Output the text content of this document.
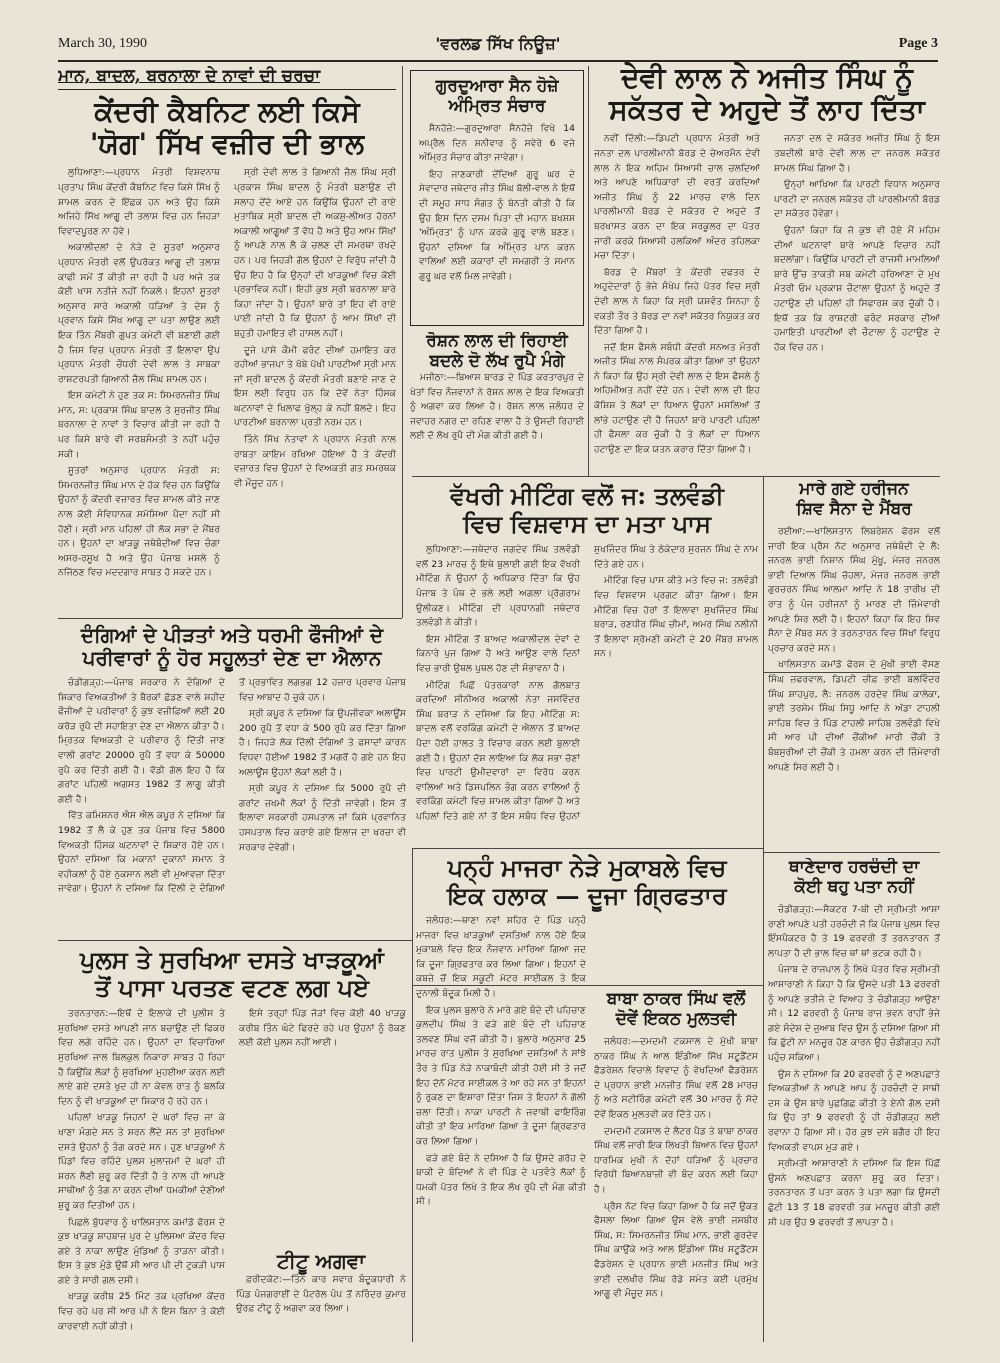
March 30, 1990	'ਵਰਲਡ ਸਿੱਖ ਨਿਊਜ਼'	Page 3
ਮਾਨ, ਬਾਦਲ, ਬਰਨਾਲਾ ਦੇ ਨਾਵਾਂ ਦੀ ਚਰਚਾ
ਕੇਂਦਰੀ ਕੈਬਨਿਟ ਲਈ ਕਿਸੇ
'ਯੋਗ' ਸਿੱਖ ਵਜ਼ੀਰ ਦੀ ਭਾਲ

ਲੁਧਿਆਣਾ:—ਪ੍ਰਧਾਨ ਮੰਤਰੀ ਵਿਸ਼ਵਨਾਥ ਪ੍ਰਤਾਪ ਸਿੰਘ ਕੇਂਦਰੀ ਕੈਬਨਿਟ ਵਿਚ ਕਿਸੇ ਸਿੱਖ ਨੂੰ ਸ਼ਾਮਲ ਕਰਨ ਦੇ ਇੱਛਕ ਹਨ ਅਤੇ ਉਹ ਕਿਸੇ ਅਜਿਹੇ ਸਿੱਖ ਆਗੂ ਦੀ ਤਲਾਸ਼ ਵਿਚ ਹਨ ਜਿਹੜਾ ਵਿਵਾਦਪੂਰਣ ਨਾ ਹੋਵੇ।

ਅਕਾਲੀਦਲਾਂ ਦੇ ਨੇੜੇ ਦੇ ਸੂਤਰਾਂ ਅਨੁਸਾਰ ਪ੍ਰਧਾਨ ਮੰਤਰੀ ਵਲੋਂ ਉਪਰੋਕਤ ਆਗੂ ਦੀ ਤਲਾਸ਼ ਕਾਫੀ ਸਮੇਂ ਤੋਂ ਕੀਤੀ ਜਾ ਰਹੀ ਹੈ ਪਰ ਅਜੇ ਤਕ ਕੋਈ ਖਾਸ ਨਤੀਜੇ ਨਹੀਂ ਨਿਕਲੇ। ਇਹਨਾਂ ਸੂਤਰਾਂ ਅਨੁਸਾਰ ਸਾਰੇ ਅਕਾਲੀ ਧੜਿਆਂ ਤੇ ਦੇਸ਼ ਨੂੰ ਪ੍ਰਵਾਨ ਕਿਸੇ ਸਿੱਖ ਆਗੂ ਦਾ ਪਤਾ ਲਾਉਣ ਲਈ ਇਕ ਤਿੰਨ ਮੈਂਬਰੀ ਗੁਪਤ ਕਮੇਟੀ ਵੀ ਬਣਾਈ ਗਈ ਹੈ ਜਿਸ ਵਿਚ ਪ੍ਰਧਾਨ ਮੰਤਰੀ ਤੋਂ ਇਲਾਵਾ ਉਪ ਪ੍ਰਧਾਨ ਮੰਤਰੀ ਚੌਧਰੀ ਦੇਵੀ ਲਾਲ ਤੇ ਸਾਬਕਾ ਰਾਸ਼ਟਰਪਤੀ ਗਿਆਨੀ ਜ਼ੈਲ ਸਿੰਘ ਸ਼ਾਮਲ ਹਨ।

ਇਸ ਕਮੇਟੀ ਨੇ ਹੁਣ ਤਕ ਸ: ਸਿਮਰਨਜੀਤ ਸਿੰਘ ਮਾਨ, ਸ: ਪ੍ਰਕਾਸ਼ ਸਿੰਘ ਬਾਦਲ ਤੇ ਸੁਰਜੀਤ ਸਿੰਘ ਬਰਨਾਲਾ ਦੇ ਨਾਵਾਂ ਤੇ ਵਿਚਾਰ ਕੀਤੀ ਜਾ ਰਹੀ ਹੈ ਪਰ ਕਿਸੇ ਬਾਰੇ ਵੀ ਸਰਬਸੰਮਤੀ ਤੇ ਨਹੀਂ ਪਹੁੰਚ ਸਕੀ।

ਸੂਤਰਾਂ ਅਨੁਸਾਰ ਪ੍ਰਧਾਨ ਮੰਤਰੀ ਸ: ਸਿਮਰਨਜੀਤ ਸਿੰਘ ਮਾਨ ਦੇ ਹੱਕ ਵਿਚ ਹਨ ਕਿਉਂਕਿ ਉਹਨਾਂ ਨੂੰ ਕੇਂਦਰੀ ਵਜ਼ਾਰਤ ਵਿਚ ਸ਼ਾਮਲ ਕੀਤੇ ਜਾਣ ਨਾਲ ਕੋਈ ਸੰਵਿਧਾਨਕ ਸਮੱਸਿਆ ਪੈਦਾ ਨਹੀਂ ਸੀ ਹੋਣੀ। ਸ੍ਰੀ ਮਾਨ ਪਹਿਲਾਂ ਹੀ ਲੋਕ ਸਭਾ ਦੇ ਮੈਂਬਰ ਹਨ। ਉਹਨਾਂ ਦਾ ਖਾੜਕੂ ਜਥੇਬੰਦੀਆਂ ਵਿਚ ਚੰਗਾ ਅਸਰ-ਰਸੂਖ ਹੈ ਅਤੇ ਉਹ ਪੰਜਾਬ ਮਸਲੇ ਨੂੰ ਨਜਿੱਠਣ ਵਿਚ ਮਦਦਗਾਰ ਸਾਬਤ ਹੋ ਸਕਦੇ ਹਨ।

ਸ੍ਰੀ ਦੇਵੀ ਲਾਲ ਤੇ ਗਿਆਨੀ ਜ਼ੈਲ ਸਿੰਘ ਸ੍ਰੀ ਪ੍ਰਕਾਸ਼ ਸਿੰਘ ਬਾਦਲ ਨੂੰ ਮੰਤਰੀ ਬਣਾਉਣ ਦੀ ਸਲਾਹ ਦੇਂਦੇ ਆਏ ਹਨ ਕਿਉਂਕਿ ਉਹਨਾਂ ਦੀ ਰਾਏ ਮੁਤਾਬਿਕ ਸ੍ਰੀ ਬਾਦਲ ਦੀ ਅਕਸ਼ੁ-ਲੀਅਤ ਹੋਰਨਾਂ ਅਕਾਲੀ ਆਗੂਆਂ ਤੋਂ ਵੱਧ ਹੈ ਅਤੇ ਉਹ ਆਮ ਸਿੱਖਾਂ ਨੂੰ ਆਪਣੇ ਨਾਲ ਲੈ ਕੇ ਚਲਣ ਦੀ ਸਮਰਥਾ ਰਖਦੇ ਹਨ। ਪਰ ਜਿਹੜੀ ਗੱਲ ਉਹਨਾਂ ਦੇ ਵਿਰੁੱਧ ਜਾਂਦੀ ਹੈ ਉਹ ਇਹ ਹੈ ਕਿ ਉਨ੍ਹਾਂ ਦੀ ਖਾੜਕੂਆਂ ਵਿਚ ਕੋਈ ਪ੍ਰਭਾਵਿਕ ਨਹੀਂ। ਇਹੀ ਕੁਝ ਸ੍ਰੀ ਬਰਨਾਲਾ ਬਾਰੇ ਕਿਹਾ ਜਾਂਦਾ ਹੈ। ਉਹਨਾਂ ਬਾਰੇ ਤਾਂ ਇਹ ਵੀ ਰਾਏ ਪਾਈ ਜਾਂਦੀ ਹੈ ਕਿ ਉਹਨਾਂ ਨੂੰ ਆਮ ਸਿੱਖਾਂ ਦੀ ਬਹੁਤੀ ਹਮਾਇਤ ਵੀ ਹਾਸਲ ਨਹੀਂ।

ਦੂਜੇ ਪਾਸੇ ਕੌਮੀ ਫਰੰਟ ਦੀਆਂ ਹਮਾਇਤ ਕਰ ਰਹੀਆਂ ਭਾਜਪਾ ਤੇ ਖੱਬੇ ਪੱਖੀ ਪਾਰਟੀਆਂ ਸ੍ਰੀ ਮਾਨ ਜਾਂ ਸ੍ਰੀ ਬਾਦਲ ਨੂੰ ਕੇਂਦਰੀ ਮੰਤਰੀ ਬਣਾਏ ਜਾਣ ਦੇ ਇਸ ਲਈ ਵਿਰੁਧ ਹਨ ਕਿ ਦੋਵੇਂ ਨੇਤਾ ਹਿੰਸਕ ਘਟਨਾਵਾਂ ਦੇ ਖਿਲਾਫ ਖੁੱਲ੍ਹ ਕੇ ਨਹੀਂ ਬੋਲਦੇ। ਇਹ ਪਾਰਟੀਆਂ ਬਰਨਾਲਾ ਪ੍ਰਤੀ ਨਰਮ ਹਨ।

ਤਿੰਨੇ ਸਿੱਖ ਨੇਤਾਵਾਂ ਨੇ ਪ੍ਰਧਾਨ ਮੰਤਰੀ ਨਾਲ ਰਾਬਤਾ ਕਾਇਮ ਰਖਿਆ ਹੋਇਆ ਹੈ ਤੇ ਕੇਂਦਰੀ ਵਜ਼ਾਰਤ ਵਿਚ ਉਹਨਾਂ ਦੇ ਵਿਅਕਤੀ ਗਤ ਸਮਰਥਕ ਵੀ ਮੌਜੂਦ ਹਨ।

ਦੰਗਿਆਂ ਦੇ ਪੀੜਤਾਂ ਅਤੇ ਧਰਮੀ ਫੌਜੀਆਂ ਦੇ
ਪਰੀਵਾਰਾਂ ਨੂੰ ਹੋਰ ਸਹੂਲਤਾਂ ਦੇਣ ਦਾ ਐਲਾਨ

ਚੰਡੀਗੜ੍ਹ:—ਪੰਜਾਬ ਸਰਕਾਰ ਨੇ ਦੰਗਿਆਂ ਦੇ ਸ਼ਿਕਾਰ ਵਿਅਕਤੀਆਂ ਤੇ ਬੈਰਕਾਂ ਛੱਡਣ ਵਾਲੇ ਸ਼ਹੀਦ ਫੌਜੀਆਂ ਦੇ ਪਰੀਵਾਰਾਂ ਨੂੰ ਕੁਝ ਵਜ਼ੀਫ਼ਿਆਂ ਲਈ 20 ਕਰੋੜ ਰੁਪੈ ਦੀ ਸਹਾਇਤਾ ਦੇਣ ਦਾ ਐਲਾਨ ਕੀਤਾ ਹੈ। ਮ੍ਰਿਤਕ ਵਿਅਕਤੀ ਦੇ ਪਰੀਵਾਰ ਨੂੰ ਦਿੱਤੀ ਜਾਣ ਵਾਲੀ ਗਰਾਂਟ 20000 ਰੁਪੈ ਤੋਂ ਵਧਾ ਕੇ 50000 ਰੁਪੈ ਕਰ ਦਿੱਤੀ ਗਈ ਹੈ। ਵੱਡੀ ਗੱਲ ਇਹ ਹੈ ਕਿ ਗਰਾਂਟ ਪਹਿਲੀ ਅਗਸਤ 1982 ਤੋਂ ਲਾਗੂ ਕੀਤੀ ਗਈ ਹੈ।

ਵਿੱਤ ਕਮਿਸ਼ਨਰ ਐਸ ਐਲ ਕਪੂਰ ਨੇ ਦਸਿਆ ਕਿ 1982 ਤੋਂ ਲੈ ਕੇ ਹੁਣ ਤਕ ਪੰਜਾਬ ਵਿਚ 5800 ਵਿਅਕਤੀ ਹਿੰਸਕ ਘਟਨਾਵਾਂ ਦੇ ਸ਼ਿਕਾਰ ਹੋਏ ਹਨ। ਉਹਨਾਂ ਦਸਿਆ ਕਿ ਮਕਾਨਾਂ ਦੁਕਾਨਾਂ ਸਮਾਨ ਤੇ ਵਹੀਕਲਾਂ ਨੂੰ ਹੋਏ ਨੁਕਸਾਨ ਲਈ ਵੀ ਮੁਆਵਜ਼ਾ ਦਿੱਤਾ ਜਾਵੇਗਾ। ਉਹਨਾਂ ਨੇ ਦਸਿਆ ਕਿ ਦਿੱਲੀ ਦੇ ਦੰਗਿਆਂ ਤੋਂ ਪ੍ਰਭਾਵਿਤ ਲਗਭਗ 12 ਹਜ਼ਾਰ ਪ੍ਰਵਾਰ ਪੰਜਾਬ ਵਿਚ ਆਬਾਦ ਹੋ ਚੁਕੇ ਹਨ।

ਸ੍ਰੀ ਕਪੂਰ ਨੇ ਦਸਿਆ ਕਿ ਉਪਜੀਵਕਾ ਅਲਾਊਂਸ 200 ਰੁਪੈ ਤੋਂ ਵਧਾ ਕੇ 500 ਰੁਪੈ ਕਰ ਦਿੱਤਾ ਗਿਆ ਹੈ। ਜਿਹੜੇ ਲੋਕ ਦਿੱਲੀ ਦੰਗਿਆਂ ਤੇ ਫ਼ਸਾਦਾਂ ਕਾਰਨ ਵਿਧਵਾ ਹੋਈਆਂ 1982 ਤੋਂ ਮਗਰੋਂ ਹੋ ਗਏ ਹਨ ਇਹ ਅਲਾਊਂਸ ਉਹਨਾਂ ਲੋਕਾਂ ਲਈ ਹੈ।

ਸ੍ਰੀ ਕਪੂਰ ਨੇ ਦਸਿਆ ਕਿ 5000 ਰੁਪੈ ਦੀ ਗਰਾਂਟ ਜ਼ਖਮੀ ਲੋਕਾਂ ਨੂੰ ਦਿੱਤੀ ਜਾਵੇਗੀ। ਇਸ ਤੋਂ ਇਲਾਵਾ ਸਰਕਾਰੀ ਹਸਪਤਾਲ ਜਾਂ ਕਿਸੇ ਪ੍ਰਵਾਨਿਤ ਹਸਪਤਾਲ ਵਿਚ ਕਰਾਏ ਗਏ ਇਲਾਜ ਦਾ ਖਰਚਾ ਵੀ ਸਰਕਾਰ ਦੇਵੇਗੀ।

ਪੁਲਸ ਤੇ ਸੁਰਖਿਆ ਦਸਤੇ ਖਾੜਕੂਆਂ
ਤੋਂ ਪਾਸਾ ਪਰਤਣ ਵਟਣ ਲਗ ਪਏ

ਤਰਨਤਾਰਨ:—ਇਥੋਂ ਦੇ ਇਲਾਕੇ ਦੀ ਪੁਲੀਸ ਤੇ ਸੁਰਖਿਆ ਦਸਤੇ ਆਪਣੀ ਜਾਨ ਬਚਾਉਣ ਦੀ ਫਿਕਰ ਵਿਚ ਲਗੇ ਰਹਿੰਦੇ ਹਨ। ਉਹਨਾਂ ਦਾ ਵਿਚਾਰਿਆ ਸੁਰਖਿਆ ਜਾਲ ਬਿਲਕੁਲ ਨਿਕਾਰਾ ਸਾਬਤ ਹੋ ਰਿਹਾ ਹੈ ਕਿਉਂਕਿ ਲੋਕਾਂ ਨੂੰ ਸੁਰਖਿਆ ਮੁਹਈਆ ਕਰਨ ਲਈ ਲਾਏ ਗਏ ਦਸਤੇ ਖੁਦ ਹੀ ਨਾ ਕੇਵਲ ਰਾਤ ਨੂੰ ਬਲਕਿ ਦਿਨ ਨੂੰ ਵੀ ਖਾੜਕੂਆਂ ਦਾ ਸ਼ਿਕਾਰ ਹੋ ਰਹੇ ਹਨ।

ਪਹਿਲਾਂ ਖਾੜਕੂ ਜਿਹਨਾਂ ਦੇ ਘਰਾਂ ਵਿਚ ਜਾ ਕੇ ਖਾਣਾ ਮੰਗਦੇ ਸਨ ਤੇ ਸ਼ਰਨ ਲੈਂਦੇ ਸਨ ਤਾਂ ਸੁਰਖਿਆ ਦਸਤੇ ਉਹਨਾਂ ਨੂੰ ਤੰਗ ਕਰਦੇ ਸਨ। ਹੁਣ ਖਾੜਕੂਆਂ ਨੇ ਪਿੰਡਾਂ ਵਿਚ ਰਹਿੰਦੇ ਪੁਲਸ ਮੁਲਾਜ਼ਮਾਂ ਦੇ ਘਰਾਂ ਹੀ ਸ਼ਰਨ ਲੈਣੀ ਸ਼ੁਰੂ ਕਰ ਦਿੱਤੀ ਹੈ ਤੇ ਨਾਲ ਹੀ ਆਪਣੇ ਸਾਥੀਆਂ ਨੂੰ ਤੰਗ ਨਾ ਕਰਨ ਦੀਆਂ ਧਮਕੀਆਂ ਦੇਣੀਆਂ ਸ਼ੁਰੂ ਕਰ ਦਿਤੀਆਂ ਹਨ।

ਪਿਛਲੇ ਬੁੱਧਵਾਰ ਨੂੰ ਖਾਲਿਸਤਾਨ ਕਮਾਂਡੋ ਫੋਰਸ ਦੇ ਕੁਝ ਖਾੜਕੂ ਸ਼ਾਹਬਾਜ਼ ਪੁਰ ਦੇ ਪੁਲਿਸਆ ਕੇਂਦਰ ਵਿਚ ਗਏ ਤੇ ਨਾਕਾ ਲਾਉਣ ਮੁੰਡਿਆਂ ਨੂੰ ਤਾੜਨਾ ਕੀਤੀ। ਇਸ ਤੇ ਕੁਝ ਮੁੰਡੇ ਉਥੋਂ ਸੀ ਆਰ ਪੀ ਦੀ ਟੁਕੜੀ ਪਾਸ ਗਏ ਤੇ ਸਾਰੀ ਗਲ ਦਸੀ।

ਖਾੜਕੂ ਕਰੀਬ 25 ਮਿੰਟ ਤਕ ਪ੍ਰਖਿਆ ਕੇਂਦਰ ਵਿਚ ਰਹੇ ਪਰ ਸੀ ਆਰ ਪੀ ਨੇ ਇਸ ਬਿਨਾ ਤੇ ਕੋਈ ਕਾਰਵਾਈ ਨਹੀਂ ਕੀਤੀ।

ਇਸੇ ਤਰ੍ਹਾਂ ਪਿੰਡ ਜੋੜਾਂ ਵਿਚ ਕੋਈ 40 ਖਾੜਕੂ ਕਰੀਬ ਤਿੰਨ ਘੰਟੇ ਫਿਰਦੇ ਰਹੇ ਪਰ ਉਹਨਾਂ ਨੂੰ ਰੋਕਣ ਲਈ ਕੋਈ ਪੁਲਸ ਨਹੀਂ ਆਈ।

ਟੀਟੂ ਅਗਵਾ

ਫ਼ਰੀਦਕੋਟ:—ਤਿੰਨ ਕਾਰ ਸਵਾਰ ਬੰਦੂਕਧਾਰੀ ਨੇ ਪਿੰਡ ਪੰਜਗਰਾਈਂ ਦੇ ਪੈਟਰੋਲ ਪੰਪ ਤੋਂ ਨਰਿੰਦਰ ਕੁਮਾਰ ਉਰਫ਼ ਟੀਟੂ ਨੂੰ ਅਗਵਾ ਕਰ ਲਿਆ।

ਗੁਰਦੁਆਰਾ ਸੈਨ ਹੋਜ਼ੇ
ਅੰਮ੍ਰਿਤ ਸੰਚਾਰ

ਸੈਨਹੋਜ਼ੇ:—ਗੁਰਦੁਆਰਾ ਸੈਨਹੋਜ਼ੇ ਵਿਖੇ 14 ਅਪ੍ਰੈਲ ਦਿਨ ਸ਼ਨੀਵਾਰ ਨੂੰ ਸਵੇਰੇ 6 ਵਜੇ ਅੰਮ੍ਰਿਤ ਸੰਚਾਰ ਕੀਤਾ ਜਾਵੇਗਾ।

ਇਹ ਜਾਣਕਾਰੀ ਦੇਂਦਿਆਂ ਗੁਰੂ ਘਰ ਦੇ ਸੇਵਾਦਾਰ ਜਥੇਦਾਰ ਜੀਤ ਸਿੰਘ ਬੋਲੀ-ਵਾਲ ਨੇ ਇਥੋਂ ਦੀ ਸਮੂਹ ਸਾਧ ਸੰਗਤ ਨੂੰ ਬੇਨਤੀ ਕੀਤੀ ਹੈ ਕਿ ਉਹ ਇਸ ਦਿਨ ਦਸਮ ਪਿਤਾ ਦੀ ਮਹਾਨ ਬਖਸ਼ਸ਼ 'ਅੰਮ੍ਰਿਤ' ਨੂੰ ਪਾਨ ਕਰਕੇ ਗੁਰੂ ਵਾਲੇ ਬਣਣ। ਉਹਨਾਂ ਦਸਿਆ ਕਿ ਅੰਮ੍ਰਿਤ ਪਾਨ ਕਰਨ ਵਾਲਿਆਂ ਲਈ ਕਕਾਰਾਂ ਦੀ ਸਮਗਰੀ ਤੇ ਸਮਾਨ ਗੁਰੂ ਘਰ ਵਲੋਂ ਮਿਲ ਜਾਵੇਗੀ।

ਰੋਸ਼ਨ ਲਾਲ ਦੀ ਰਿਹਾਈ
ਬਦਲੇ ਦੋ ਲੱਖ ਰੁਪੈ ਮੰਗੇ

ਮਜੀਠਾ:—ਬਿਆਸ ਬਾਰਡ ਦੇ ਪਿੰਡ ਕਰਤਾਰਪੁਰ ਦੇ ਖੇਤਾਂ ਵਿਚ ਨੌਜਵਾਨਾਂ ਨੇ ਰੋਸ਼ਨ ਲਾਲ ਦੇ ਇਕ ਵਿਅਕਤੀ ਨੂੰ ਅਗਵਾ ਕਰ ਲਿਆ ਹੈ। ਰੋਸ਼ਨ ਲਾਲ ਜਲੰਧਰ ਦੇ ਜਵਾਹਰ ਨਗਰ ਦਾ ਰਹਿਣ ਵਾਲਾ ਹੈ ਤੇ ਉਸਦੀ ਰਿਹਾਈ ਲਈ ਦੋ ਲੱਖ ਰੁਪੈ ਦੀ ਮੰਗ ਕੀਤੀ ਗਈ ਹੈ।

ਦੇਵੀ ਲਾਲ ਨੇ ਅਜੀਤ ਸਿੰਘ ਨੂੰ
ਸਕੱਤਰ ਦੇ ਅਹੁਦੇ ਤੋਂ ਲਾਹ ਦਿੱਤਾ

ਨਵੀਂ ਦਿੱਲੀ:—ਡਿਪਟੀ ਪ੍ਰਧਾਨ ਮੰਤਰੀ ਅਤੇ ਜਨਤਾ ਦਲ ਪਾਰਲੀਮਾਨੀ ਬੋਰਡ ਦੇ ਚੇਅਰਮੈਨ ਦੇਵੀ ਲਾਲ ਨੇ ਇਕ ਅਹਿਮ ਸਿਆਸੀ ਚਾਲ ਚਲਦਿਆਂ ਅਤੇ ਆਪਣੇ ਅਧਿਕਾਰਾਂ ਦੀ ਵਰਤੋਂ ਕਰਦਿਆਂ ਅਜੀਤ ਸਿੰਘ ਨੂੰ 22 ਮਾਰਚ ਵਾਲੇ ਦਿਨ ਪਾਰਲੀਮਾਨੀ ਬੋਰਡ ਦੇ ਸਕੱਤਰ ਦੇ ਅਹੁਦੇ ਤੋਂ ਬਰਖਾਸਤ ਕਰਨ ਦਾ ਇਕ ਸਰਕੂਲਰ ਦਾ ਪੱਤਰ ਜਾਰੀ ਕਰਕੇ ਸਿਆਸੀ ਹਲਕਿਆਂ ਅੰਦਰ ਤਹਿਲਕਾ ਮਚਾ ਦਿੱਤਾ।

ਬੋਰਡ ਦੇ ਮੈਂਬਰਾਂ ਤੇ ਕੇਂਦਰੀ ਦਫਤਰ ਦੇ ਅਹੁਦੇਦਾਰਾਂ ਨੂੰ ਭੇਜੇ ਸੰਖੇਪ ਜਿਹੇ ਪੱਤਰ ਵਿਚ ਸ੍ਰੀ ਦੇਵੀ ਲਾਲ ਨੇ ਕਿਹਾ ਕਿ ਸ੍ਰੀ ਯਸ਼ਵੰਤ ਸਿਨਹਾ ਨੂੰ ਵਕਤੀ ਤੌਰ ਤੇ ਬੋਰਡ ਦਾ ਨਵਾਂ ਸਕੱਤਰ ਨਿਯੁਕਤ ਕਰ ਦਿੱਤਾ ਗਿਆ ਹੈ।

ਜਦੋਂ ਇਸ ਫੈਸਲੇ ਸਬੰਧੀ ਕੇਂਦਰੀ ਸਨਅਤ ਮੰਤਰੀ ਅਜੀਤ ਸਿੰਘ ਨਾਲ ਸੰਪਰਕ ਕੀਤਾ ਗਿਆ ਤਾਂ ਉਹਨਾਂ ਨੇ ਕਿਹਾ ਕਿ ਉਹ ਸ੍ਰੀ ਦੇਵੀ ਲਾਲ ਦੇ ਇਸ ਫੈਸਲੇ ਨੂੰ ਅਹਿਮੀਅਤ ਨਹੀਂ ਦੇਂਦੇ ਹਨ। ਦੇਵੀ ਲਾਲ ਦੀ ਇਹ ਕੋਸ਼ਿਸ਼ ਤੇ ਲੋਕਾਂ ਦਾ ਧਿਆਨ ਉਹਨਾਂ ਮਸਲਿਆਂ ਤੋਂ ਲਾਂਭੇ ਹਟਾਉਣ ਦੀ ਹੈ ਜਿਹਨਾਂ ਬਾਰੇ ਪਾਰਟੀ ਪਹਿਲਾਂ ਹੀ ਫੈਸਲਾ ਕਰ ਚੁੱਕੀ ਹੈ ਤੇ ਲੋਕਾਂ ਦਾ ਧਿਆਨ ਹਟਾਉਣ ਦਾ ਇਕ ਯਤਨ ਕਰਾਰ ਦਿੱਤਾ ਗਿਆ ਹੈ।

ਜਨਤਾ ਦਲ ਦੇ ਸਕੱਤਰ ਅਜੀਤ ਸਿੰਘ ਨੂੰ ਇਸ ਤਬਦੀਲੀ ਬਾਰੇ ਦੇਵੀ ਲਾਲ ਦਾ ਜਨਰਲ ਸਕੱਤਰ ਸ਼ਾਮਲ ਸਿੰਘ ਗਿਆ ਹੈ।

ਉਨ੍ਹਾਂ ਆਖਿਆ ਕਿ ਪਾਰਟੀ ਵਿਧਾਨ ਅਨੁਸਾਰ ਪਾਰਟੀ ਦਾ ਜਨਰਲ ਸਕੱਤਰ ਹੀ ਪਾਰਲੀਮਾਨੀ ਬੋਰਡ ਦਾ ਸਕੱਤਰ ਹੋਵੇਗਾ।

ਉਹਨਾਂ ਕਿਹਾ ਕਿ ਜੋ ਕੁਝ ਵੀ ਹੋਏ ਮੈਂ ਮਹਿਮ ਦੀਆਂ ਘਟਨਾਵਾਂ ਬਾਰੇ ਆਪਣੇ ਵਿਚਾਰ ਨਹੀਂ ਬਦਲਾਂਗਾ। ਕਿਉਂਕਿ ਪਾਰਟੀ ਦੀ ਰਾਜਸੀ ਮਾਮਲਿਆਂ ਬਾਰੇ ਉੱਚ ਤਾਕਤੀ ਸਬ ਕਮੇਟੀ ਹਰਿਆਣਾ ਦੇ ਮੁਖ ਮੰਤਰੀ ਓਮ ਪ੍ਰਕਾਸ਼ ਚੌਟਾਲਾ ਉਹਨਾਂ ਨੂੰ ਅਹੁਦੇ ਤੋਂ ਹਟਾਉਣ ਦੀ ਪਹਿਲਾਂ ਹੀ ਸਿਫਾਰਸ਼ ਕਰ ਚੁੱਕੀ ਹੈ। ਇਥੋਂ ਤਕ ਕਿ ਰਾਸ਼ਟਰੀ ਫਰੰਟ ਸਰਕਾਰ ਦੀਆਂ ਹਮਾਇਤੀ ਪਾਰਟੀਆਂ ਵੀ ਚੌਟਾਲਾ ਨੂੰ ਹਟਾਉਣ ਦੇ ਹੱਕ ਵਿਚ ਹਨ।

ਵੱਖਰੀ ਮੀਟਿੰਗ ਵਲੋਂ ਜ: ਤਲਵੰਡੀ
ਵਿਚ ਵਿਸ਼ਵਾਸ ਦਾ ਮਤਾ ਪਾਸ

ਲੁਧਿਆਣਾ:—ਜਥੇਦਾਰ ਜਗਦੇਵ ਸਿੰਘ ਤਲਵੰਡੀ ਵਲੋਂ 23 ਮਾਰਚ ਨੂੰ ਇਥੇ ਬੁਲਾਈ ਗਈ ਇਕ ਵੱਖਰੀ ਮੀਟਿੰਗ ਨੇ ਉਹਨਾਂ ਨੂੰ ਅਧਿਕਾਰ ਦਿੱਤਾ ਕਿ ਉਹ ਪੰਜਾਬ ਤੇ ਪੰਥ ਦੇ ਭਲੇ ਲਈ ਅਗਲਾ ਪ੍ਰੋਗਰਾਮ ਉਲੀਕਣ। ਮੀਟਿੰਗ ਦੀ ਪ੍ਰਧਾਨਗੀ ਜਥੇਦਾਰ ਤਲਵੰਡੀ ਨੇ ਕੀਤੀ।

ਇਸ ਮੀਟਿੰਗ ਤੋਂ ਬਾਅਦ ਅਕਾਲੀਦਲ ਦੇਵਾਂ ਦੇ ਕਿਨਾਰੇ ਪੁਜ ਗਿਆ ਹੈ ਅਤੇ ਆਉਣ ਵਾਲੇ ਦਿਨਾਂ ਵਿਚ ਭਾਰੀ ਉਥਲ ਪੁਥਲ ਹੋਣ ਦੀ ਸੰਭਾਵਨਾ ਹੈ।

ਮੀਟਿੰਗ ਪਿਛੋਂ ਪੱਤਰਕਾਰਾਂ ਨਾਲ ਗੱਲਬਾਤ ਕਰਦਿਆਂ ਸੀਨੀਅਰ ਅਕਾਲੀ ਨੇਤਾ ਜਸਵਿੰਦਰ ਸਿੰਘ ਬਰਾੜ ਨੇ ਦਸਿਆ ਕਿ ਇਹ ਮੀਟਿੰਗ ਸ: ਬਾਦਲ ਵਲੋਂ ਵਰਕਿੰਗ ਕਮੇਟੀ ਦੇ ਐਲਾਨ ਤੋਂ ਬਾਅਦ ਪੈਦਾ ਹੋਈ ਹਾਲਤ ਤੇ ਵਿਚਾਰ ਕਰਨ ਲਈ ਬੁਲਾਈ ਗਈ ਹੈ। ਉਹਨਾਂ ਦੋਸ਼ ਲਾਇਆ ਕਿ ਲੋਕ ਸਭਾ ਚੋਣਾਂ ਵਿਚ ਪਾਰਟੀ ਉਮੀਦਵਾਰਾਂ ਦਾ ਵਿਰੋਧ ਕਰਨ ਵਾਲਿਆਂ ਅਤੇ ਡਿਸਪਲਿਨ ਭੰਗ ਕਰਨ ਵਾਲਿਆਂ ਨੂੰ ਵਰਕਿੰਗ ਕਮੇਟੀ ਵਿਚ ਸ਼ਾਮਲ ਕੀਤਾ ਗਿਆ ਹੈ ਅਤੇ ਪਹਿਲਾਂ ਦਿਤੇ ਗਏ ਨਾਂ ਤੋਂ ਇਸ ਸਬੰਧ ਵਿਚ ਉਹਨਾਂ ਸੁਖਜਿੰਦਰ ਸਿੰਘ ਤੇ ਠੇਕੇਦਾਰ ਸੁਰਜਨ ਸਿੰਘ ਦੇ ਨਾਮ ਦਿੱਤੇ ਗਏ ਹਨ।

ਮੀਟਿੰਗ ਵਿਚ ਪਾਸ ਕੀਤੇ ਮਤੇ ਵਿਚ ਜ: ਤਲਵੰਡੀ ਵਿਚ ਵਿਸ਼ਵਾਸ ਪ੍ਰਗਟ ਕੀਤਾ ਗਿਆ। ਇਸ ਮੀਟਿੰਗ ਵਿਚ ਹੋਰਾਂ ਤੋਂ ਇਲਾਵਾ ਸੁਖਜਿੰਦਰ ਸਿੰਘ ਬਰਾੜ, ਰਣਧੀਰ ਸਿੰਘ ਚੀਮਾਂ, ਅਮਰ ਸਿੰਘ ਨਲੀਨੀ ਤੋਂ ਇਲਾਵਾ ਸ਼੍ਰੋਮਣੀ ਕਮੇਟੀ ਦੇ 20 ਮੈਂਬਰ ਸ਼ਾਮਲ ਸਨ।

ਪਨ੍ਹੰ ਮਾਜਰਾ ਨੇੜੇ ਮੁਕਾਬਲੇ ਵਿਚ
ਇਕ ਹਲਾਕ — ਦੂਜਾ ਗ੍ਰਿਫਤਾਰ

ਜਲੰਧਰ:—ਥਾਣਾ ਨਵਾਂ ਸ਼ਹਿਰ ਦੇ ਪਿੰਡ ਪਨ੍ਹੰ ਮਾਜਰਾ ਵਿਚ ਖਾੜਕੂਆਂ ਦਸਤਿਆਂ ਨਾਲ ਹੋਏ ਇਕ ਮੁਕਾਬਲੇ ਵਿਚ ਇਕ ਨੌਜਵਾਨ ਮਾਰਿਆ ਗਿਆ ਜਦ ਕਿ ਦੂਜਾ ਗ੍ਰਿਫਤਾਰ ਕਰ ਲਿਆ ਗਿਆ। ਇਹਨਾਂ ਦੇ ਕਬਜ਼ੇ ਚੋਂ ਇਕ ਸਕੂਟੀ ਮੋਟਰ ਸਾਈਕਲ ਤੇ ਇਕ ਦੁਨਾਲੀ ਬੰਦੂਕ ਮਿਲੀ ਹੈ।

ਇਕ ਪੁਲਸ ਬੁਲਾਰੇ ਨੇ ਮਾਰੇ ਗਏ ਬੰਦੇ ਦੀ ਪਹਿਚਾਣ ਕੁਲਦੀਪ ਸਿੰਘ ਤੇ ਫੜੇ ਗਏ ਬੰਦੇ ਦੀ ਪਹਿਚਾਣ ਤਲਵਣ ਸਿੰਘ ਵਜੋਂ ਕੀਤੀ ਹੈ। ਬੁਲਾਰੇ ਅਨੁਸਾਰ 25 ਮਾਰਚ ਰਾਤ ਪੁਲੀਸ ਤੇ ਸੁਰਖਿਆ ਦਸਤਿਆਂ ਨੇ ਸਾਂਝੇ ਤੌਰ ਤੇ ਪਿੰਡ ਨੇੜੇ ਨਾਕਾਬੰਦੀ ਕੀਤੀ ਹੋਈ ਸੀ ਤੇ ਜਦੋਂ ਇਹ ਦੋਨੋਂ ਮੋਟਰ ਸਾਈਕਲ ਤੇ ਆ ਰਹੇ ਸਨ ਤਾਂ ਇਹਨਾਂ ਨੂੰ ਰੁਕਣ ਦਾ ਇਸ਼ਾਰਾ ਦਿੱਤਾ ਜਿਸ ਤੇ ਇਹਨਾਂ ਨੇ ਗੋਲੀ ਚਲਾ ਦਿੱਤੀ। ਨਾਕਾ ਪਾਰਟੀ ਨੇ ਜਵਾਬੀ ਫਾਇਰਿੰਗ ਕੀਤੀ ਤਾਂ ਇਕ ਮਾਰਿਆ ਗਿਆ ਤੇ ਦੂਜਾ ਗ੍ਰਿਫਤਾਰ ਕਰ ਲਿਆ ਗਿਆ।

ਫੜੇ ਗਏ ਬੰਦੇ ਨੇ ਦਸਿਆ ਹੈ ਕਿ ਉਸਦੇ ਗਰੋਹ ਦੇ ਬਾਕੀ ਦੇ ਬੰਦਿਆਂ ਨੇ ਵੀ ਪਿੰਡ ਦੇ ਪਤਵੰਤੇ ਲੋਕਾਂ ਨੂੰ ਧਮਕੀ ਪੱਤਰ ਲਿਖੇ ਤੇ ਇਕ ਲੱਖ ਰੁਪੈ ਦੀ ਮੰਗ ਕੀਤੀ ਸੀ।

ਬਾਬਾ ਠਾਕਰ ਸਿੰਘ ਵਲੋਂ
ਦੋਵੇਂ ਇਕਠ ਮੁਲਤਵੀ

ਜਲੰਧਰ:—ਦਮਦਮੀ ਟਕਸਾਲ ਦੇ ਮੁੱਖੀ ਬਾਬਾ ਠਾਕਰ ਸਿੰਘ ਨੇ ਆਲ ਇੰਡੀਆ ਸਿੱਖ ਸਟੂਡੈਂਟਸ ਫੈਡਰੇਸ਼ਨ ਵਿਚਾਲੇ ਵਿਵਾਦ ਨੂੰ ਵੇਖਦਿਆਂ ਫੈਡਰੇਸ਼ਨ ਦੇ ਪ੍ਰਧਾਨ ਭਾਈ ਮਨਜੀਤ ਸਿੰਘ ਵਲੋਂ 28 ਮਾਰਚ ਨੂੰ ਅਤੇ ਸਟੀਰਿੰਗ ਕਮੇਟੀ ਵਲੋਂ 30 ਮਾਰਚ ਨੂੰ ਸੱਦੇ ਦੋਵੇਂ ਇਕਠ ਮੁਲਤਵੀ ਕਰ ਦਿੱਤੇ ਹਨ।

ਦਮਦਮੀ ਟਕਸਾਲ ਦੇ ਲੈਟਰ ਪੈਡ ਤੇ ਬਾਬਾ ਠਾਕਰ ਸਿੰਘ ਵਲੋਂ ਜਾਰੀ ਇਕ ਲਿਖਤੀ ਬਿਆਨ ਵਿਚ ਉਹਨਾਂ ਧਾਰਮਿਕ ਮੁਖੀ ਨੇ ਦੋਹਾਂ ਧੜਿਆਂ ਨੂੰ ਪ੍ਰਚਾਰ ਵਿਰੋਧੀ ਬਿਆਨਬਾਜ਼ੀ ਵੀ ਬੰਦ ਕਰਨ ਲਈ ਕਿਹਾ ਹੈ।

ਪ੍ਰੈਸ ਨੋਟ ਵਿਚ ਕਿਹਾ ਗਿਆ ਹੈ ਕਿ ਜਦੋਂ ਉਕਤ ਫੈਸਲਾ ਲਿਆ ਗਿਆ ਉਸ ਵੇਲੇ ਭਾਈ ਜਸਬੀਰ ਸਿੰਘ, ਸ: ਸਿਮਰਨਜੀਤ ਸਿੰਘ ਮਾਨ, ਭਾਈ ਗੁਰਦੇਵ ਸਿੰਘ ਕਾਉਂਕੇ ਅਤੇ ਆਲ ਇੰਡੀਆ ਸਿੱਖ ਸਟੂਡੈਂਟਸ ਫੈਡਰੇਸ਼ਨ ਦੇ ਪ੍ਰਧਾਨ ਭਾਈ ਮਨਜੀਤ ਸਿੰਘ ਅਤੇ ਭਾਈ ਦਲਖੀਰ ਸਿੰਘ ਰੋਡੇ ਸਮੇਤ ਕਈ ਪ੍ਰਮੁੱਖ ਆਗੂ ਵੀ ਮੌਜੂਦ ਸਨ।

ਮਾਰੇ ਗਏ ਹਰੀਜਨ
ਸ਼ਿਵ ਸੈਨਾ ਦੇ ਮੈਂਬਰ

ਰਈਆ:—ਖਾਲਿਸਤਾਨ ਲਿਬਰੇਸ਼ਨ ਫੋਰਸ ਵਲੋਂ ਜਾਰੀ ਇਕ ਪ੍ਰੈਸ ਨੋਟ ਅਨੁਸਾਰ ਜਥੇਬੰਦੀ ਦੇ ਲੈ: ਜਨਰਲ ਭਾਈ ਨਿਸ਼ਾਨ ਸਿੰਘ ਮੁੱਖੂ, ਮੇਜਰ ਜਨਰਲ ਭਾਈ ਦਿਆਲ ਸਿੰਘ ਚੋਹਲਾ, ਮੇਜਰ ਜਨਰਲ ਭਾਈ ਗੁਰਚਰਨ ਸਿੰਘ ਆਲਮਾ ਆਦਿ ਨੇ 18 ਤਾਰੀਖ ਦੀ ਰਾਤ ਨੂੰ ਪੰਜ ਹਰੀਜਨਾਂ ਨੂੰ ਮਾਰਣ ਦੀ ਜ਼ਿੰਮੇਵਾਰੀ ਆਪਣੇ ਸਿਰ ਲਈ ਹੈ। ਇਹਨਾਂ ਕਿਹਾ ਕਿ ਇਹ ਸ਼ਿਵ ਸੈਨਾ ਦੇ ਮੈਂਬਰ ਸਨ ਤੇ ਤਰਨਤਾਰਨ ਵਿਚ ਸਿੱਖਾਂ ਵਿਰੁਧ ਪ੍ਰਚਾਰ ਕਰਦੇ ਸਨ।

ਖਾਲਿਸਤਾਨ ਕਮਾਂਡੋ ਫੋਰਸ ਦੇ ਮੁੱਖੀ ਭਾਈ ਵੱਸਣ ਸਿੰਘ ਜ਼ਫਰਵਾਲ, ਡਿਪਟੀ ਚੀਫ਼ ਭਾਈ ਬਲਵਿੰਦਰ ਸਿੰਘ ਸ਼ਾਹਪੁਰ, ਲੈ: ਜਨਰਲ ਹਰਦੇਵ ਸਿੰਘ ਕਾਲੇਕਾ, ਭਾਈ ਤਰਸੇਮ ਸਿੰਘ ਸਿਧੂ ਆਦਿ ਨੇ ਅੱਡਾ ਟਾਹਲੀ ਸਾਹਿਬ ਵਿਚ ਤੇ ਪਿੰਡ ਟਾਹਲੀ ਸਾਹਿਬ ਤਲਵੰਡੀ ਵਿਖੇ ਸੀ ਆਰ ਪੀ ਦੀਆਂ ਚੌਂਕੀਆਂ ਮਾਰੀ ਚੌਂਕੀ ਤੇ ਬੰਬਸੁਰੀਆਂ ਦੀ ਚੌਂਕੀ ਤੇ ਹਮਲਾ ਕਰਨ ਦੀ ਜ਼ਿੰਮੇਵਾਰੀ ਆਪਣੇ ਸਿਰ ਲਈ ਹੈ।

ਥਾਣੇਦਾਰ ਹਰਚੰਦੀ ਦਾ
ਕੋਈ ਥਹੁ ਪਤਾ ਨਹੀਂ

ਚੰਡੀਗੜ੍ਹ:—ਸੈਕਟਰ 7-ਬੀ ਦੀ ਸ੍ਰੀਮਤੀ ਆਸ਼ਾ ਰਾਣੀ ਆਪਣੇ ਪਤੀ ਹਰਚੰਦੀ ਜੋ ਕਿ ਪੰਜਾਬ ਪੁਲਸ ਵਿਚ ਇੰਸਪੈਕਟਰ ਹੈ ਤੇ 19 ਫਰਵਰੀ ਤੋਂ ਤਰਨਤਾਰਨ ਤੋਂ ਲਾਪਤਾ ਹੈ ਦੀ ਭਾਲ ਵਿਚ ਥਾਂ ਥਾਂ ਭਟਕ ਰਹੀ ਹੈ।

ਪੰਜਾਬ ਦੇ ਰਾਜਪਾਲ ਨੂੰ ਲਿਖੇ ਪੱਤਰ ਵਿਚ ਸ੍ਰੀਮਤੀ ਆਸ਼ਾਰਾਣੀ ਨੇ ਕਿਹਾ ਹੈ ਕਿ ਉਸਦੇ ਪਤੀ 13 ਫਰਵਰੀ ਨੂੰ ਆਪਣੇ ਭਤੀਜੇ ਦੇ ਵਿਆਹ ਤੇ ਚੰਡੀਗੜ੍ਹ ਆਉਣਾ ਸੀ। 12 ਫਰਵਰੀ ਨੂੰ ਪੰਜਾਬ ਰਾਜ ਭਵਨ ਰਾਹੀਂ ਭੇਜੇ ਗਏ ਸੰਦੇਸ਼ ਦੇ ਜੁਆਬ ਵਿਚ ਉਸ ਨੂੰ ਦਸਿਆ ਗਿਆ ਸੀ ਕਿ ਛੁੱਟੀ ਨਾ ਮਨਜ਼ੂਰ ਹੋਣ ਕਾਰਨ ਉਹ ਚੰਡੀਗੜ੍ਹ ਨਹੀਂ ਪਹੁੰਚ ਸਕਿਆ।

ਉਸ ਨੇ ਦਸਿਆ ਕਿ 20 ਫਰਵਰੀ ਨੂੰ ਦੋ ਅਣਪਛਾਤੇ ਵਿਅਕਤੀਆਂ ਨੇ ਆਪਣੇ ਆਪ ਨੂੰ ਹਰਚੰਦੀ ਦੇ ਸਾਥੀ ਦਸ ਕੇ ਉਸ ਬਾਰੇ ਪੁਛਗਿਛ ਕੀਤੀ ਤੇ ਏਨੀ ਗੱਲ ਦਸੀ ਕਿ ਉਹ ਤਾਂ 9 ਫਰਵਰੀ ਨੂੰ ਹੀ ਚੰਡੀਗੜ੍ਹ ਲਈ ਰਵਾਨਾ ਹੋ ਗਿਆ ਸੀ। ਹੋਰ ਕੁਝ ਦਸੇ ਬਗੈਰ ਹੀ ਇਹ ਵਿਅਕਤੀ ਵਾਪਸ ਮੁੜ ਗਏ।

ਸ੍ਰੀਮਤੀ ਆਸ਼ਾਰਾਣੀ ਨੇ ਦਸਿਆ ਕਿ ਇਸ ਪਿੱਛੋਂ ਉਸਨੇ ਅਣਪਛਾਤ ਕਰਨਾ ਸ਼ੁਰੂ ਕਰ ਦਿਤਾ। ਤਰਨਤਾਰਨ ਤੋਂ ਪਤਾ ਕਰਨ ਤੇ ਪਤਾ ਲਗਾ ਕਿ ਉਸਦੀ ਛੁੱਟੀ 13 ਤੋਂ 18 ਫਰਵਰੀ ਤਕ ਮਨਜ਼ੂਰ ਕੀਤੀ ਗਈ ਸੀ ਪਰ ਉਹ 9 ਫਰਵਰੀ ਤੋਂ ਲਾਪਤਾ ਹੈ।
